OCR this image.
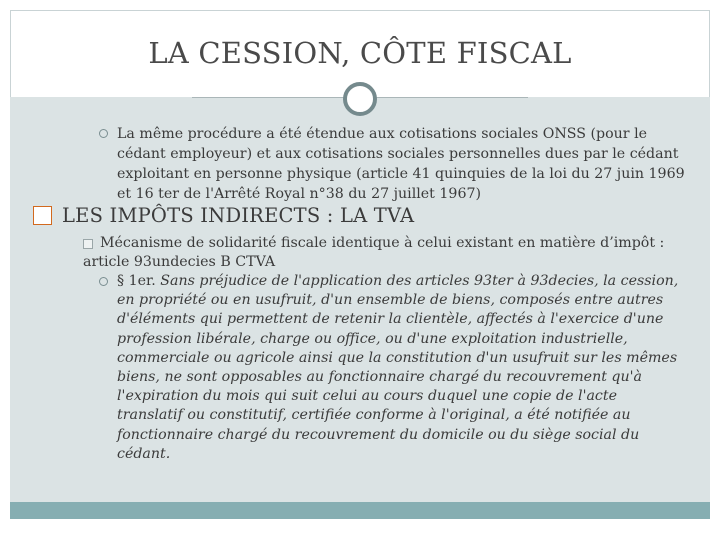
LA CESSION, CÔTE FISCAL

La même procédure a été étendue aux cotisations sociales ONSS (pour le cédant employeur) et aux cotisations sociales personnelles dues par le cédant exploitant en personne physique (article 41 quinquies de la loi du 27 juin 1969 et 16 ter de l'Arrêté Royal n°38 du 27 juillet 1967)

LES IMPÔTS INDIRECTS : LA TVA

Mécanisme de solidarité fiscale identique à celui existant en matière d’impôt :
article 93undecies B CTVA

§ 1er. Sans préjudice de l'application des articles 93ter à 93decies, la cession, en propriété ou en usufruit, d'un ensemble de biens, composés entre autres d'éléments qui permettent de retenir la clientèle, affectés à l'exercice d'une profession libérale, charge ou office, ou d'une exploitation industrielle, commerciale ou agricole ainsi que la constitution d'un usufruit sur les mêmes biens, ne sont opposables au fonctionnaire chargé du recouvrement qu'à l'expiration du mois qui suit celui au cours duquel une copie de l'acte translatif ou constitutif, certifiée conforme à l'original, a été notifiée au fonctionnaire chargé du recouvrement du domicile ou du siège social du cédant.
